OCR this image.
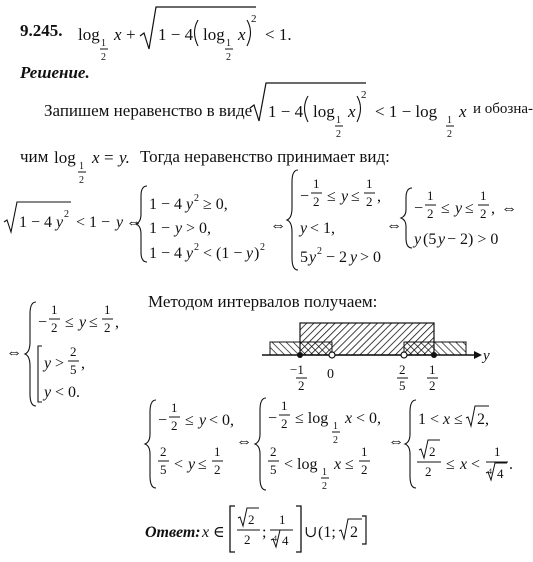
9.245. log 1
2
x + 1 − 4 log 1
2
x
2
< 1.
Решение.
Запишем неравенство в виде 1 − 4 log 1
2
x
2
< 1 − log 1
2
x и обозна-
чим log 1
2
x = y. Тогда неравенство принимает вид:
1 − 4 y 2 < 1 − y ⇔
1 − 4 y 2 ≥ 0,
1 − y > 0,
1 − 4 y 2 < (1 − y ) 2
⇔
−
1
2 ≤ y ≤
1
2 ,
y < 1,
5 y 2 − 2 y > 0
⇔
−
1
2 ≤ y ≤
1
2 , ⇔
y (5 y − 2) > 0
⇔
−
1
2 ≤ y ≤
1
2 ,
y >
2
5 ,
y < 0.
Методом интервалов получаем:
y
−1
2
0	2
5
1
2
−
1
2 ≤ y < 0,
2
5 < y ≤
1
2
⇔
−
1
2 ≤ log 1
2
x < 0,
2
5 < log 1
2
x ≤
1
2
⇔
1 < x ≤ 2,
2
2 ≤ x <
1
4 4
.
Ответ: x ∈
2
2 ;
1
4 4 ∪ (1; 2
